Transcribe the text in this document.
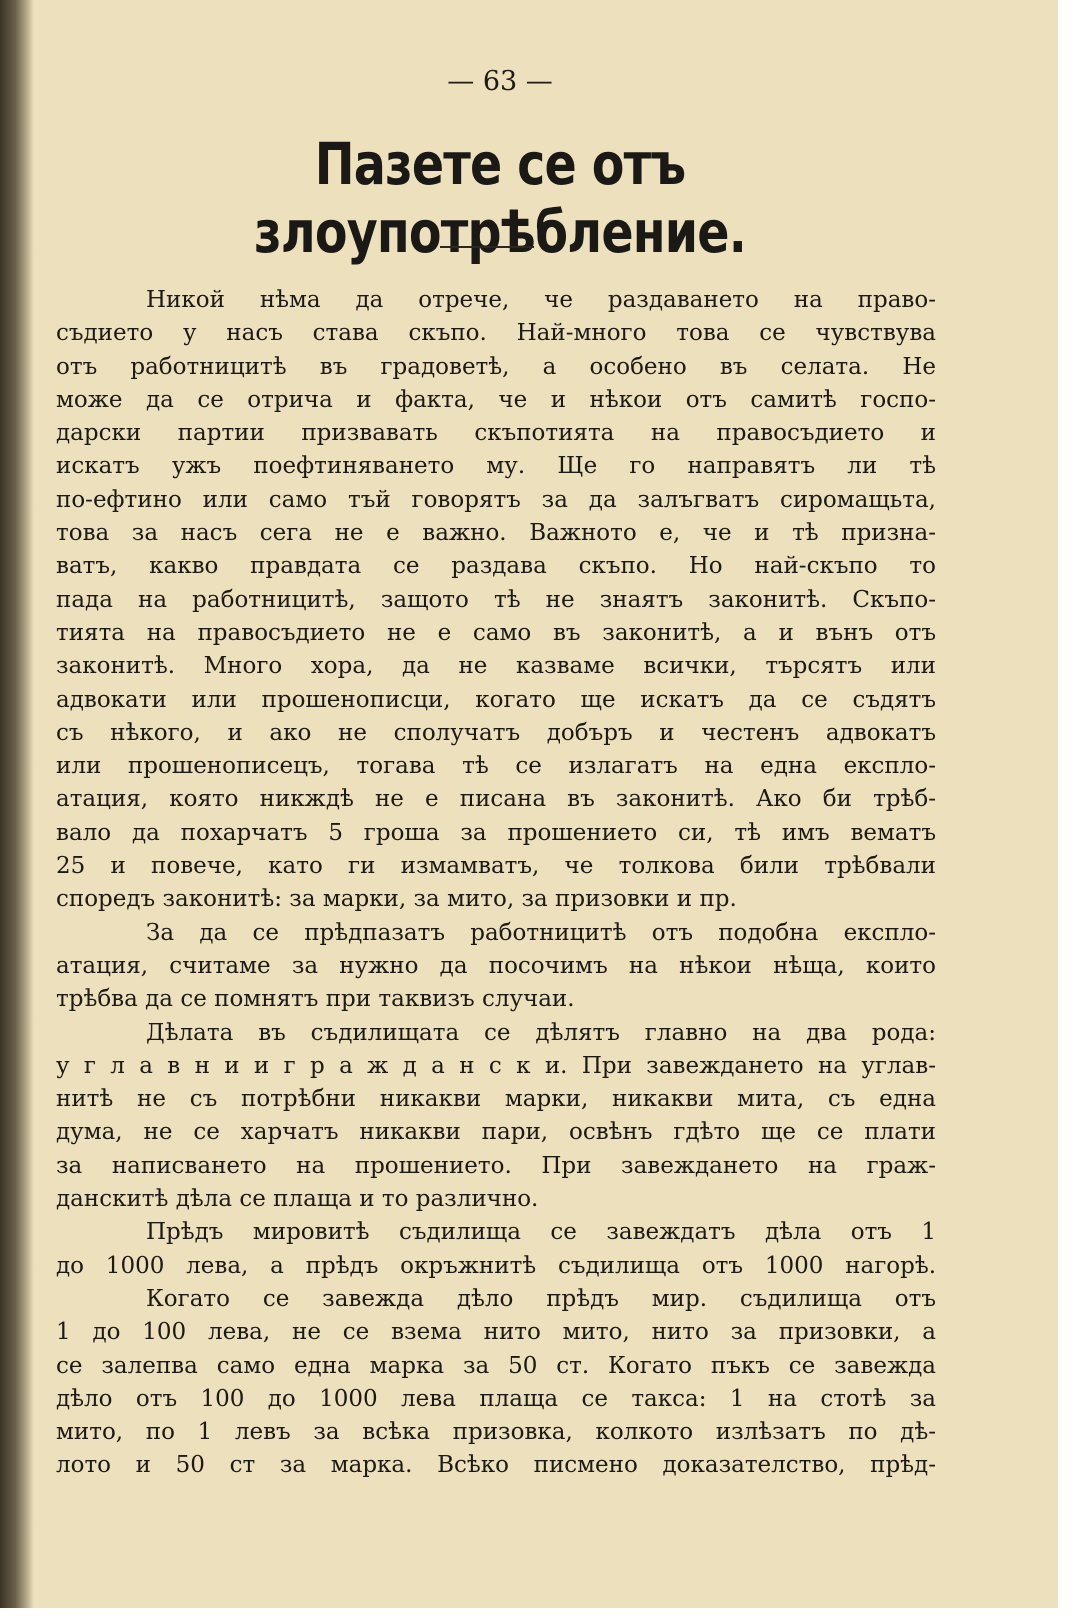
— 63 —
Пазете се отъ злоупотрѣбление.
Никой нѣма да отрече, че раздаването на право-
съдието у насъ става скъпо. Най-много това се чувствува
отъ работницитѣ въ градоветѣ, а особено въ селата. Не
може да се отрича и факта, че и нѣкои отъ самитѣ госпо-
дарски партии призвавать скъпотията на правосъдието и
искатъ ужъ поефтиняването му. Ще го направятъ ли тѣ
по-ефтино или само тъй говорятъ за да залъгватъ сиромащьта,
това за насъ сега не е важно. Важното е, че и тѣ призна-
ватъ, какво правдата се раздава скъпо. Но най-скъпо то
пада на работницитѣ, защото тѣ не знаятъ законитѣ. Скъпо-
тията на правосъдието не е само въ законитѣ, а и вънъ отъ
законитѣ. Много хора, да не казваме всички, търсятъ или
адвокати или прошенописци, когато ще искатъ да се съдятъ
съ нѣкого, и ако не сполучатъ добъръ и честенъ адвокатъ
или прошенописецъ, тогава тѣ се излагатъ на една експло-
атация, която никждѣ не е писана въ законитѣ. Ако би трѣб-
вало да похарчатъ 5 гроша за прошението си, тѣ имъ вематъ
25 и повече, като ги измамватъ, че толкова били трѣбвали
споредъ законитѣ: за марки, за мито, за призовки и пр.
За да се прѣдпазатъ работницитѣ отъ подобна експло-
атация, считаме за нужно да посочимъ на нѣкои нѣща, които
трѣбва да се помнятъ при таквизъ случаи.
Дѣлата въ съдилищата се дѣлятъ главно на два рода:
у г л а в н и и г р а ж д а н с к и. При завеждането на углав-
нитѣ не съ потрѣбни никакви марки, никакви мита, съ една
дума, не се харчатъ никакви пари, освѣнъ гдѣто ще се плати
за написването на прошението. При завеждането на граж-
данскитѣ дѣла се плаща и то различно.
Прѣдъ мировитѣ съдилища се завеждатъ дѣла отъ 1
до 1000 лева, а прѣдъ окръжнитѣ съдилища отъ 1000 нагорѣ.
Когато се завежда дѣло прѣдъ мир. съдилища отъ
1 до 100 лева, не се взема нито мито, нито за призовки, а
се залепва само една марка за 50 ст. Когато пъкъ се завежда
дѣло отъ 100 до 1000 лева плаща се такса: 1 на стотѣ за
мито, по 1 левъ за всѣка призовка, колкото излѣзатъ по дѣ-
лото и 50 ст за марка. Всѣко писмено доказателство, прѣд-
